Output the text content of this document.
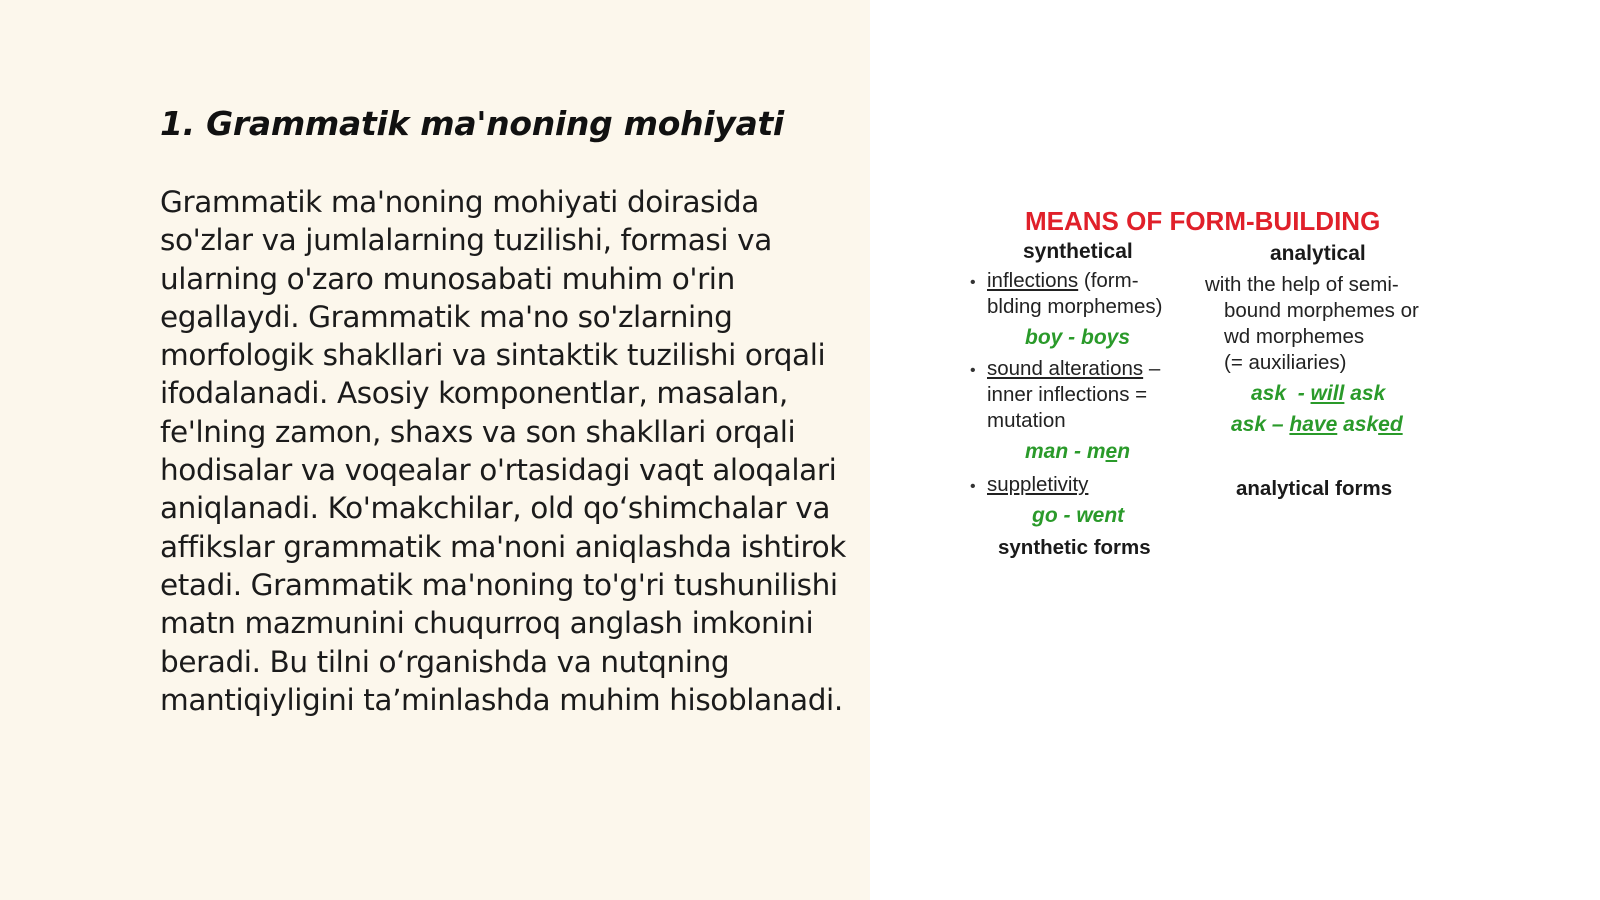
1. Grammatik ma'noning mohiyati

Grammatik ma'noning mohiyati doirasida so'zlar va jumlalarning tuzilishi, formasi va ularning o'zaro munosabati muhim o'rin egallaydi. Grammatik ma'no so'zlarning morfologik shakllari va sintaktik tuzilishi orqali ifodalanadi. Asosiy komponentlar, masalan, fe'lning zamon, shaxs va son shakllari orqali hodisalar va voqealar o'rtasidagi vaqt aloqalari aniqlanadi. Ko'makchilar, old qo‘shimchalar va affikslar grammatik ma'noni aniqlashda ishtirok etadi. Grammatik ma'noning to'g'ri tushunilishi matn mazmunini chuqurroq anglash imkonini beradi. Bu tilni o‘rganishda va nutqning mantiqiyligini ta’minlashda muhim hisoblanadi.

MEANS OF FORM-BUILDING
synthetical
• inflections (form-
blding morphemes)
boy - boys
• sound alterations –
inner inflections =
mutation
man - men
• suppletivity
go - went
synthetic forms
analytical
with the help of semi-
bound morphemes or
wd morphemes
(= auxiliaries)
ask  - will ask
ask – have asked
analytical forms
